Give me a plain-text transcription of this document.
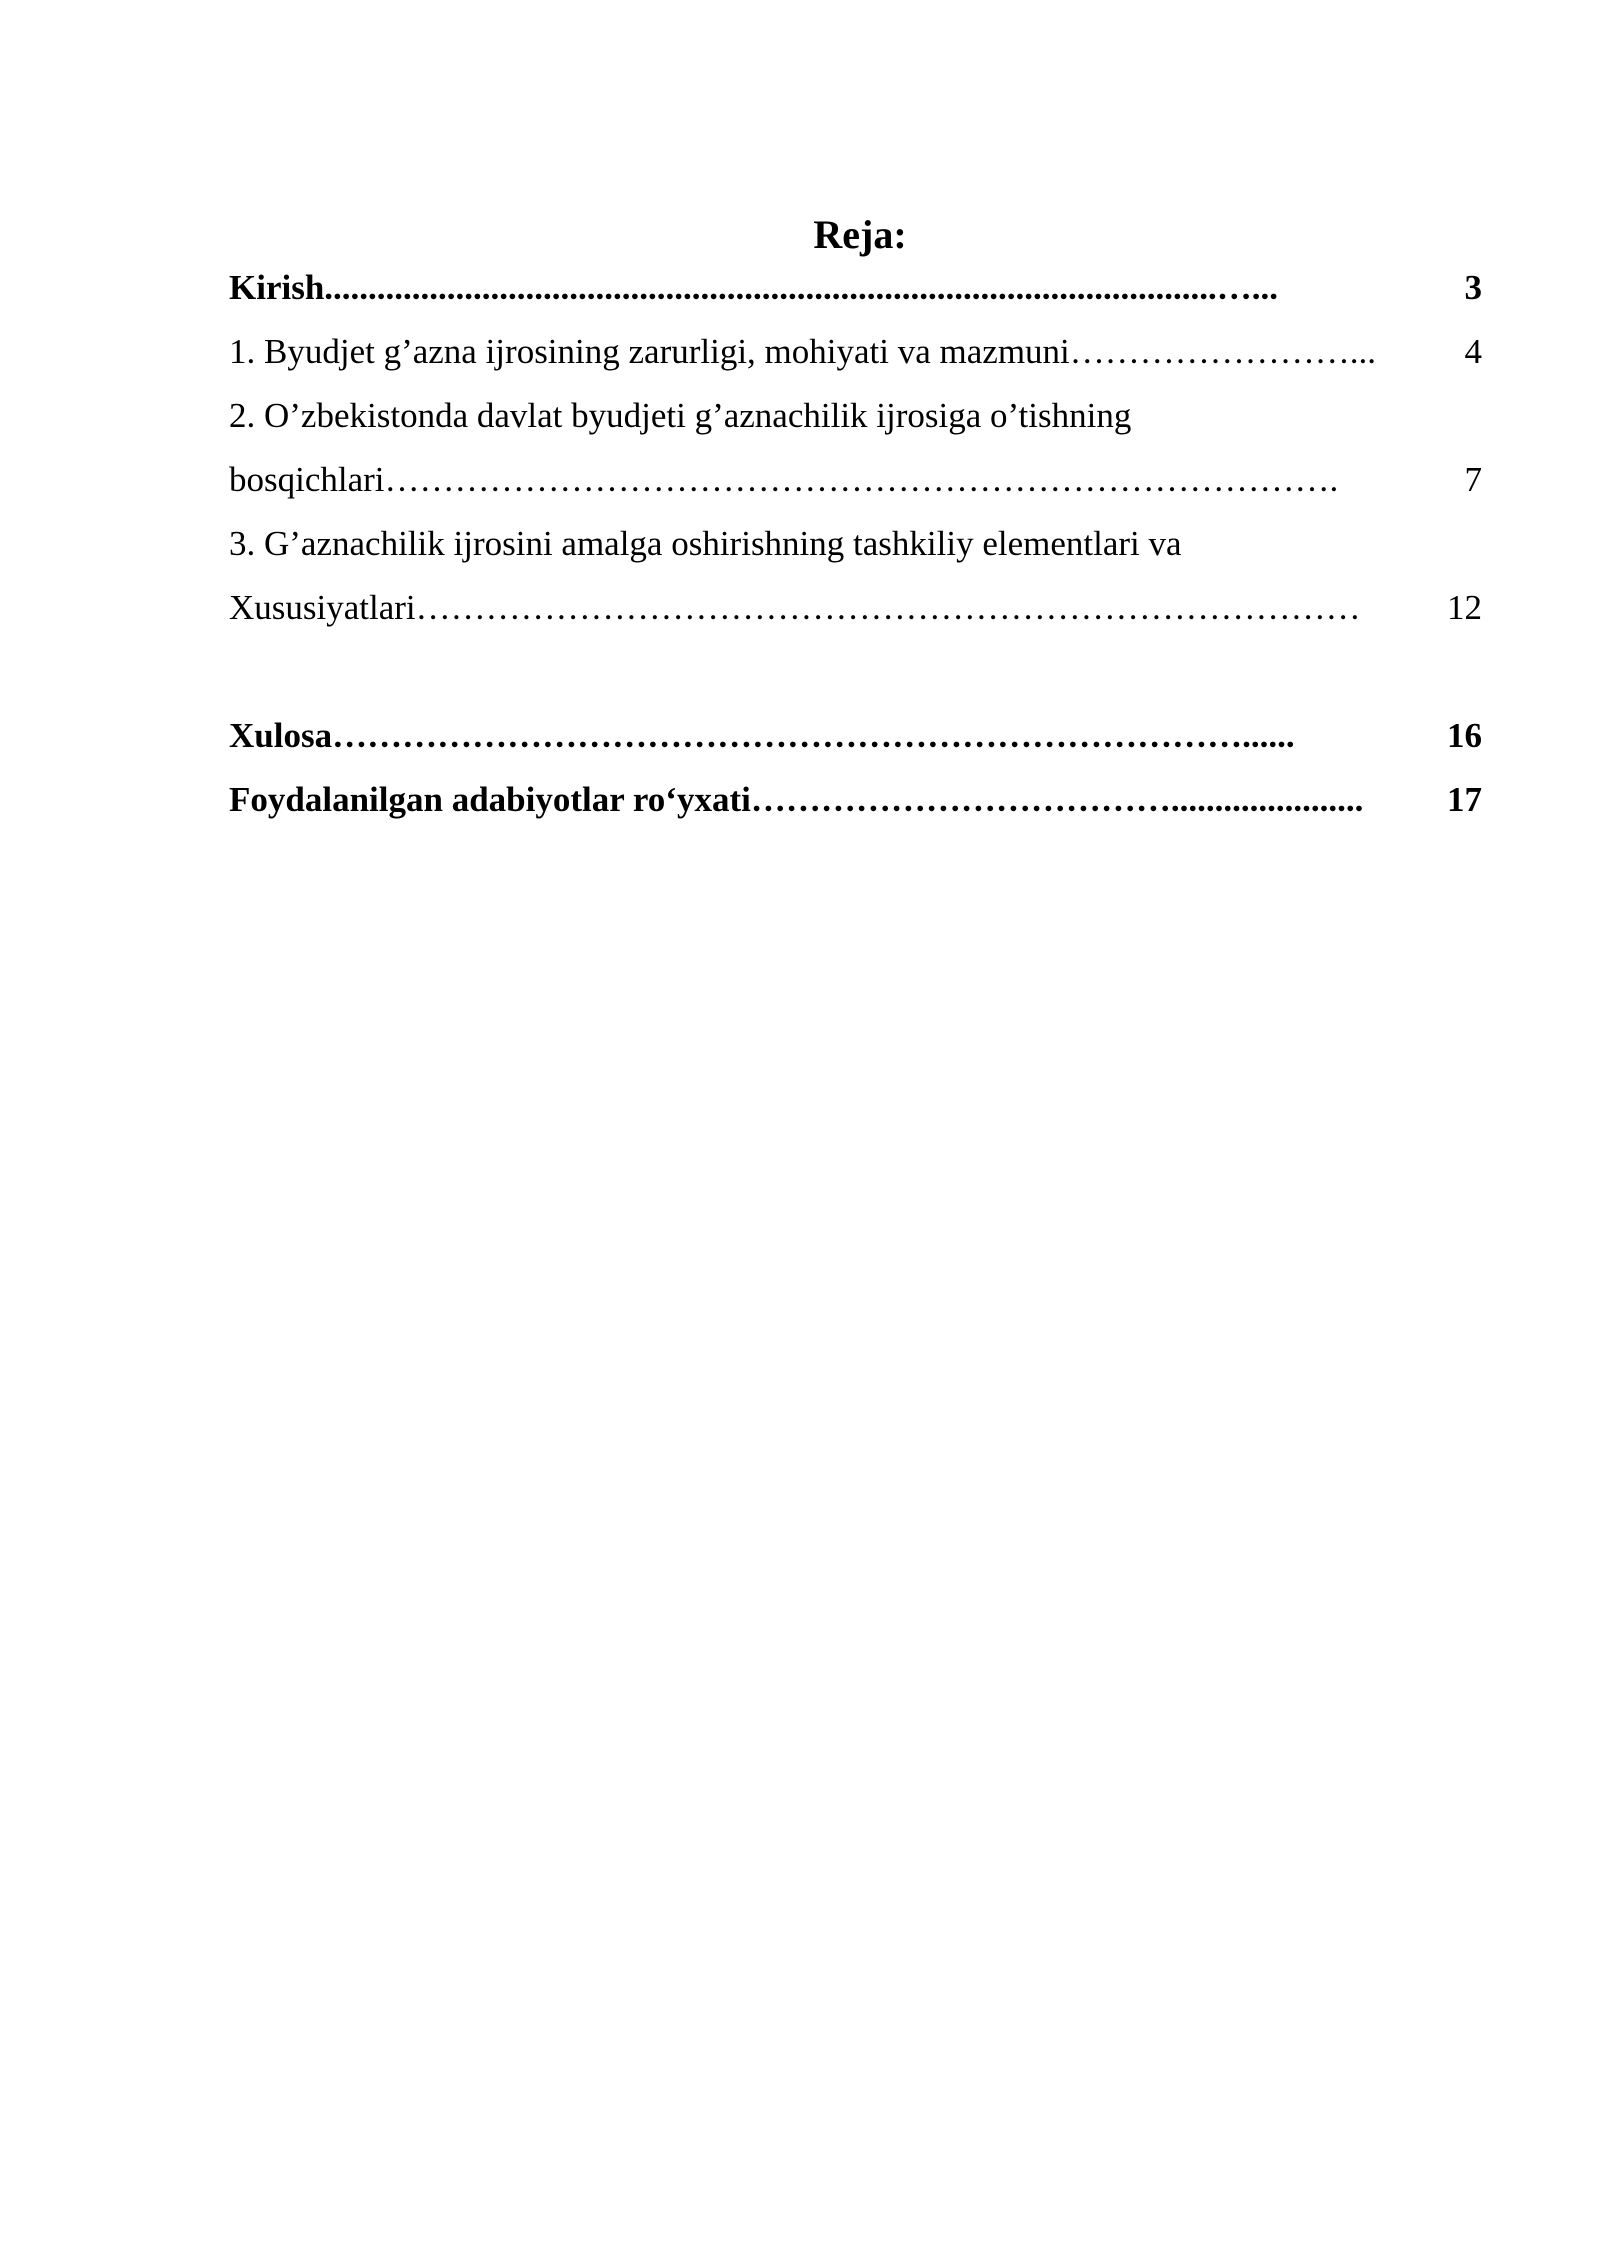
Reja:
Kirish ......................................................................................................…...	3
1. Byudjet g’azna ijrosining zarurligi, mohiyati va mazmuni ……………………...	4
2. O’zbekistonda davlat byudjeti g’aznachilik ijrosiga o’tishning
bosqichlari ……………………………………………………………………….	7
3. G’aznachilik ijrosini amalga oshirishning tashkiliy elementlari va
Xususiyatlari ………………………………………………………………………	12
Xulosa ……………………………………………………………………......	16
Foydalanilgan adabiyotlar ro‘yxati ………………………………......................	17
